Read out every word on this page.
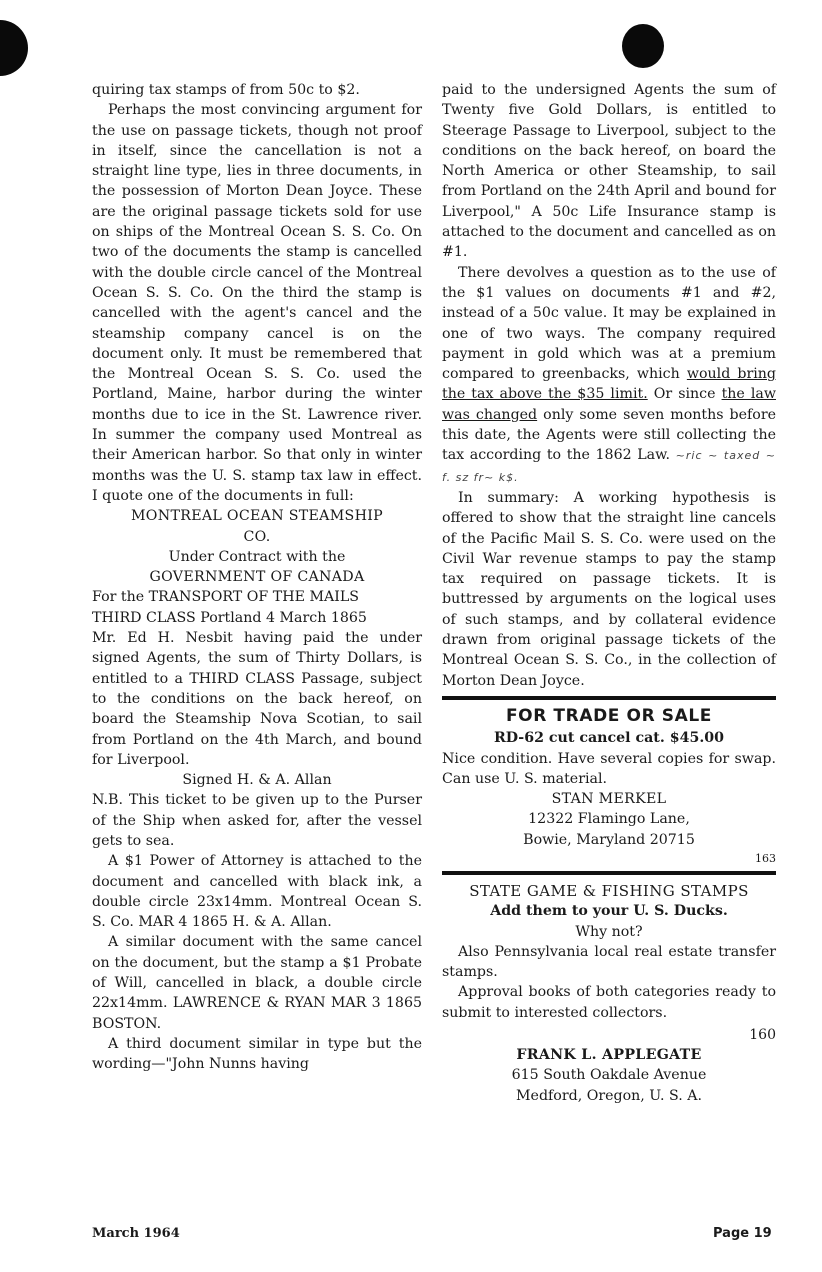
quiring tax stamps of from 50c to $2.

Perhaps the most convincing argument for the use on passage tickets, though not proof in itself, since the cancellation is not a straight line type, lies in three documents, in the possession of Morton Dean Joyce. These are the original passage tickets sold for use on ships of the Montreal Ocean S. S. Co. On two of the documents the stamp is cancelled with the double circle cancel of the Montreal Ocean S. S. Co. On the third the stamp is cancelled with the agent's cancel and the steamship company cancel is on the document only. It must be remembered that the Montreal Ocean S. S. Co. used the Portland, Maine, harbor during the winter months due to ice in the St. Lawrence river. In summer the company used Montreal as their American harbor. So that only in winter months was the U. S. stamp tax law in effect. I quote one of the documents in full:

MONTREAL OCEAN STEAMSHIP

CO.

Under Contract with the

GOVERNMENT OF CANADA

For the TRANSPORT OF THE MAILS

THIRD CLASS Portland 4 March 1865

Mr. Ed H. Nesbit having paid the under signed Agents, the sum of Thirty Dollars, is entitled to a THIRD CLASS Passage, subject to the conditions on the back hereof, on board the Steamship Nova Scotian, to sail from Portland on the 4th March, and bound for Liverpool.

Signed H. & A. Allan

N.B. This ticket to be given up to the Purser of the Ship when asked for, after the vessel gets to sea.

A $1 Power of Attorney is attached to the document and cancelled with black ink, a double circle 23x14mm. Montreal Ocean S. S. Co. MAR 4 1865 H. & A. Allan.

A similar document with the same cancel on the document, but the stamp a $1 Probate of Will, cancelled in black, a double circle 22x14mm. LAWRENCE & RYAN MAR 3 1865 BOSTON.

A third document similar in type but the wording—"John Nunns having

paid to the undersigned Agents the sum of Twenty five Gold Dollars, is entitled to Steerage Passage to Liverpool, subject to the conditions on the back hereof, on board the North America or other Steamship, to sail from Portland on the 24th April and bound for Liverpool," A 50c Life Insurance stamp is attached to the document and cancelled as on #1.

There devolves a question as to the use of the $1 values on documents #1 and #2, instead of a 50c value. It may be explained in one of two ways. The company required payment in gold which was at a premium compared to greenbacks, which would bring the tax above the $35 limit. Or since the law was changed only some seven months before this date, the Agents were still collecting the tax according to the 1862 Law. ~ric ~ taxed ~ f. sz fr~ k$.

In summary: A working hypothesis is offered to show that the straight line cancels of the Pacific Mail S. S. Co. were used on the Civil War revenue stamps to pay the stamp tax required on passage tickets. It is buttressed by arguments on the logical uses of such stamps, and by collateral evidence drawn from original passage tickets of the Montreal Ocean S. S. Co., in the collection of Morton Dean Joyce.

FOR TRADE OR SALE

RD-62 cut cancel cat. $45.00

Nice condition. Have several copies for swap. Can use U. S. material.

STAN MERKEL

12322 Flamingo Lane,

Bowie, Maryland 20715

163

STATE GAME & FISHING STAMPS

Add them to your U. S. Ducks.

Why not?

Also Pennsylvania local real estate transfer stamps.

Approval books of both categories ready to submit to interested collectors.

160

FRANK L. APPLEGATE

615 South Oakdale Avenue

Medford, Oregon, U. S. A.

March 1964	Page 19
